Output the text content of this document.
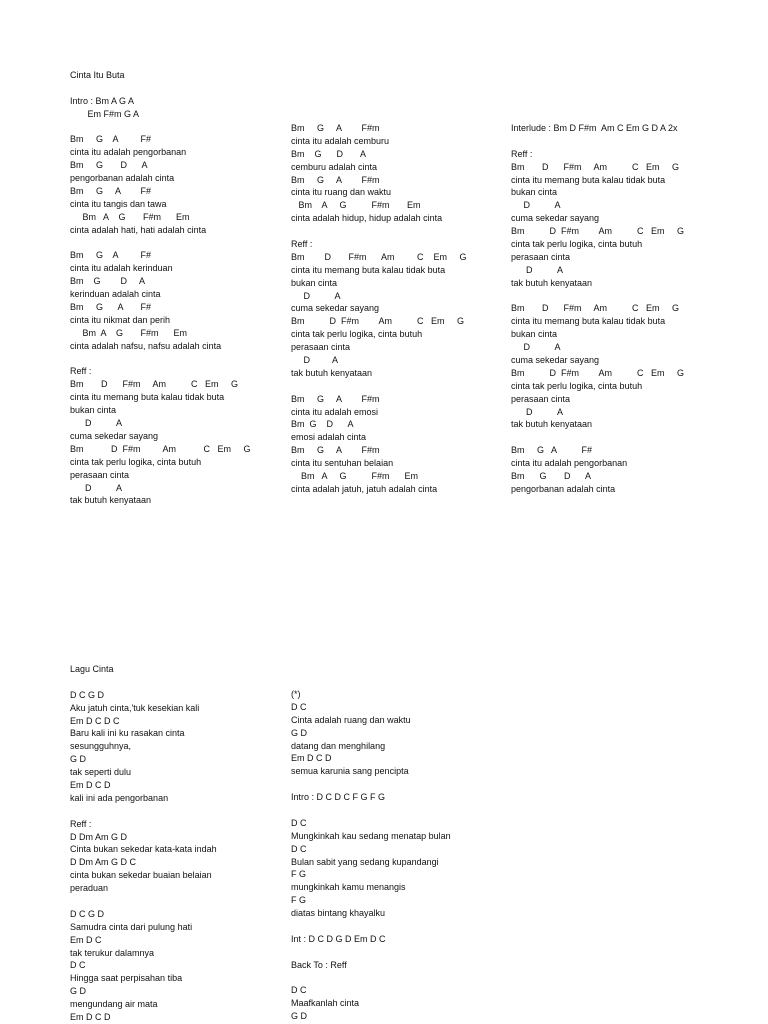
Cinta Itu Buta
Intro : Bm A G A
Em F#m G A
Bm     G    A         F#
cinta itu adalah pengorbanan
Bm     G       D      A
pengorbanan adalah cinta
Bm     G     A        F#
cinta itu tangis dan tawa
Bm   A    G       F#m      Em
cinta adalah hati, hati adalah cinta
Bm     G    A         F#
cinta itu adalah kerinduan
Bm    G        D     A
kerinduan adalah cinta
Bm     G      A       F#
cinta itu nikmat dan perih
Bm  A    G       F#m      Em
cinta adalah nafsu, nafsu adalah cinta
Reff :
Bm       D      F#m     Am          C   Em     G
cinta itu memang buta kalau tidak buta
bukan cinta
D          A
cuma sekedar sayang
Bm           D  F#m         Am           C   Em     G
cinta tak perlu logika, cinta butuh
perasaan cinta
D          A
tak butuh kenyataan
Bm     G     A        F#m
cinta itu adalah cemburu
Bm    G      D       A
cemburu adalah cinta
Bm     G     A        F#m
cinta itu ruang dan waktu
Bm    A     G          F#m       Em
cinta adalah hidup, hidup adalah cinta
Reff :
Bm        D       F#m      Am         C    Em     G
cinta itu memang buta kalau tidak buta
bukan cinta
D          A
cuma sekedar sayang
Bm          D  F#m        Am          C   Em     G
cinta tak perlu logika, cinta butuh
perasaan cinta
D         A
tak butuh kenyataan
Bm     G     A        F#m
cinta itu adalah emosi
Bm  G    D      A
emosi adalah cinta
Bm     G     A        F#m
cinta itu sentuhan belaian
Bm   A     G          F#m      Em
cinta adalah jatuh, jatuh adalah cinta
Interlude : Bm D F#m  Am C Em G D A 2x
Reff :
Bm       D      F#m     Am          C   Em     G
cinta itu memang buta kalau tidak buta
bukan cinta
D          A
cuma sekedar sayang
Bm          D  F#m        Am          C   Em     G
cinta tak perlu logika, cinta butuh
perasaan cinta
D          A
tak butuh kenyataan
Bm       D      F#m     Am          C   Em     G
cinta itu memang buta kalau tidak buta
bukan cinta
D          A
cuma sekedar sayang
Bm          D  F#m        Am          C   Em     G
cinta tak perlu logika, cinta butuh
perasaan cinta
D          A
tak butuh kenyataan
Bm     G   A          F#
cinta itu adalah pengorbanan
Bm      G       D      A
pengorbanan adalah cinta
Lagu Cinta
D C G D
Aku jatuh cinta,'tuk kesekian kali
Em D C D C
Baru kali ini ku rasakan cinta
sesungguhnya,
G D
tak seperti dulu
Em D C D
kali ini ada pengorbanan
Reff :
D Dm Am G D
Cinta bukan sekedar kata-kata indah
D Dm Am G D C
cinta bukan sekedar buaian belaian
peraduan
D C G D
Samudra cinta dari pulung hati
Em D C
tak terukur dalamnya
D C
Hingga saat perpisahan tiba
G D
mengundang air mata
Em D C D
(*)
D C
Cinta adalah ruang dan waktu
G D
datang dan menghilang
Em D C D
semua karunia sang pencipta
Intro : D C D C F G F G
D C
Mungkinkah kau sedang menatap bulan
D C
Bulan sabit yang sedang kupandangi
F G
mungkinkah kamu menangis
F G
diatas bintang khayalku
Int : D C D G D Em D C
Back To : Reff
D C
Maafkanlah cinta
G D
